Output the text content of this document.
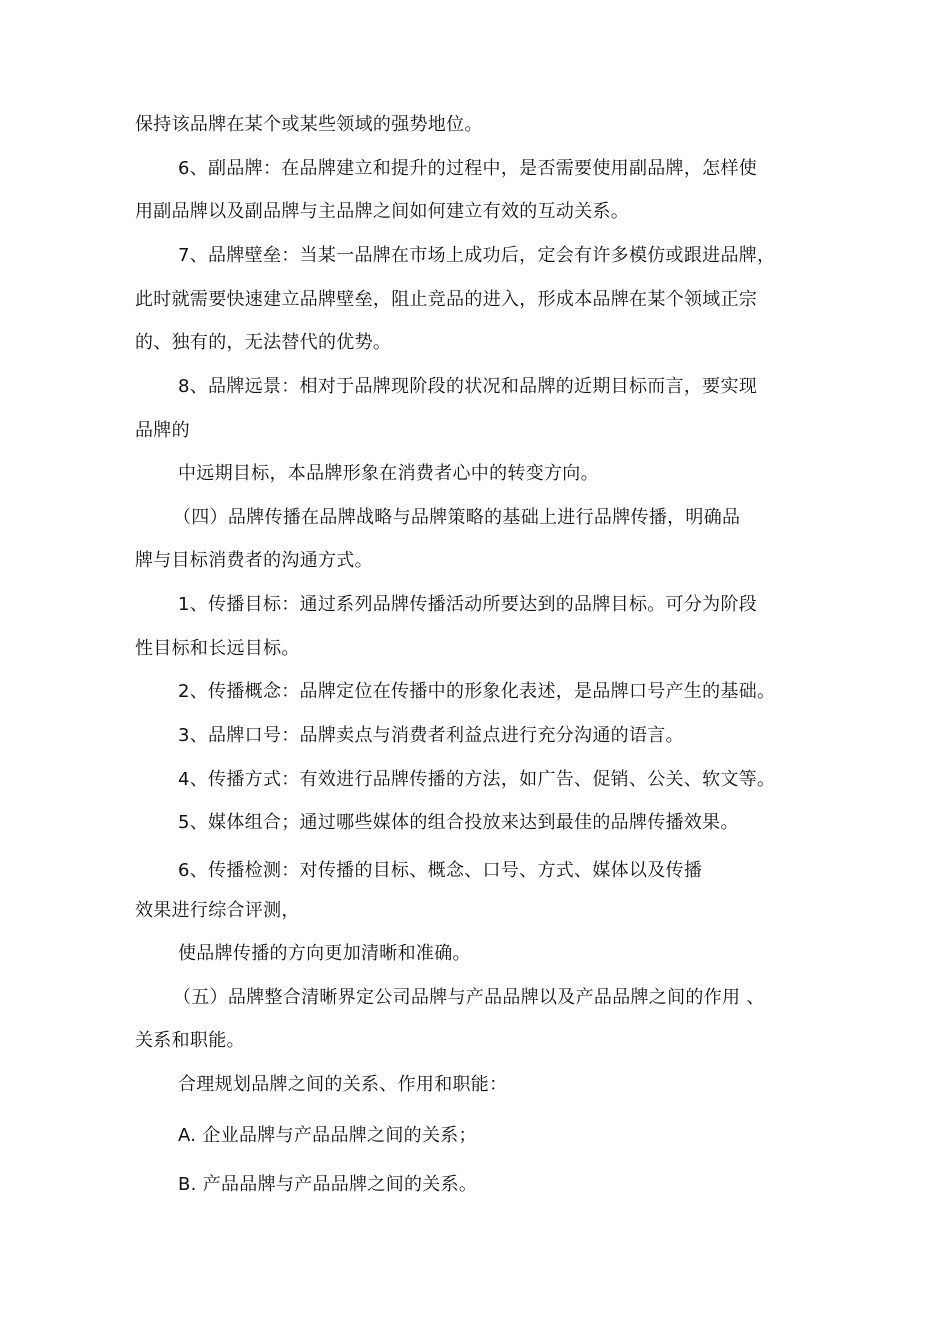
保持该品牌在某个或某些领域的强势地位。
6、副品牌：在品牌建立和提升的过程中，是否需要使用副品牌，怎样使
用副品牌以及副品牌与主品牌之间如何建立有效的互动关系。
7、品牌壁垒：当某一品牌在市场上成功后，定会有许多模仿或跟进品牌，
此时就需要快速建立品牌壁垒，阻止竞品的进入，形成本品牌在某个领域正宗
的、独有的，无法替代的优势。
8、品牌远景：相对于品牌现阶段的状况和品牌的近期目标而言，要实现
品牌的
中远期目标，本品牌形象在消费者心中的转变方向。
（四）品牌传播在品牌战略与品牌策略的基础上进行品牌传播，明确品
牌与目标消费者的沟通方式。
1、传播目标：通过系列品牌传播活动所要达到的品牌目标。可分为阶段
性目标和长远目标。
2、传播概念：品牌定位在传播中的形象化表述，是品牌口号产生的基础。
3、品牌口号：品牌卖点与消费者利益点进行充分沟通的语言。
4、传播方式：有效进行品牌传播的方法，如广告、促销、公关、软文等。
5、媒体组合；通过哪些媒体的组合投放来达到最佳的品牌传播效果。
6、传播检测：对传播的目标、概念、口号、方式、媒体以及传播
效果进行综合评测，
使品牌传播的方向更加清晰和准确。
（五）品牌整合清晰界定公司品牌与产品品牌以及产品品牌之间的作用 、
关系和职能。
合理规划品牌之间的关系、作用和职能：
A. 企业品牌与产品品牌之间的关系；
B. 产品品牌与产品品牌之间的关系。
